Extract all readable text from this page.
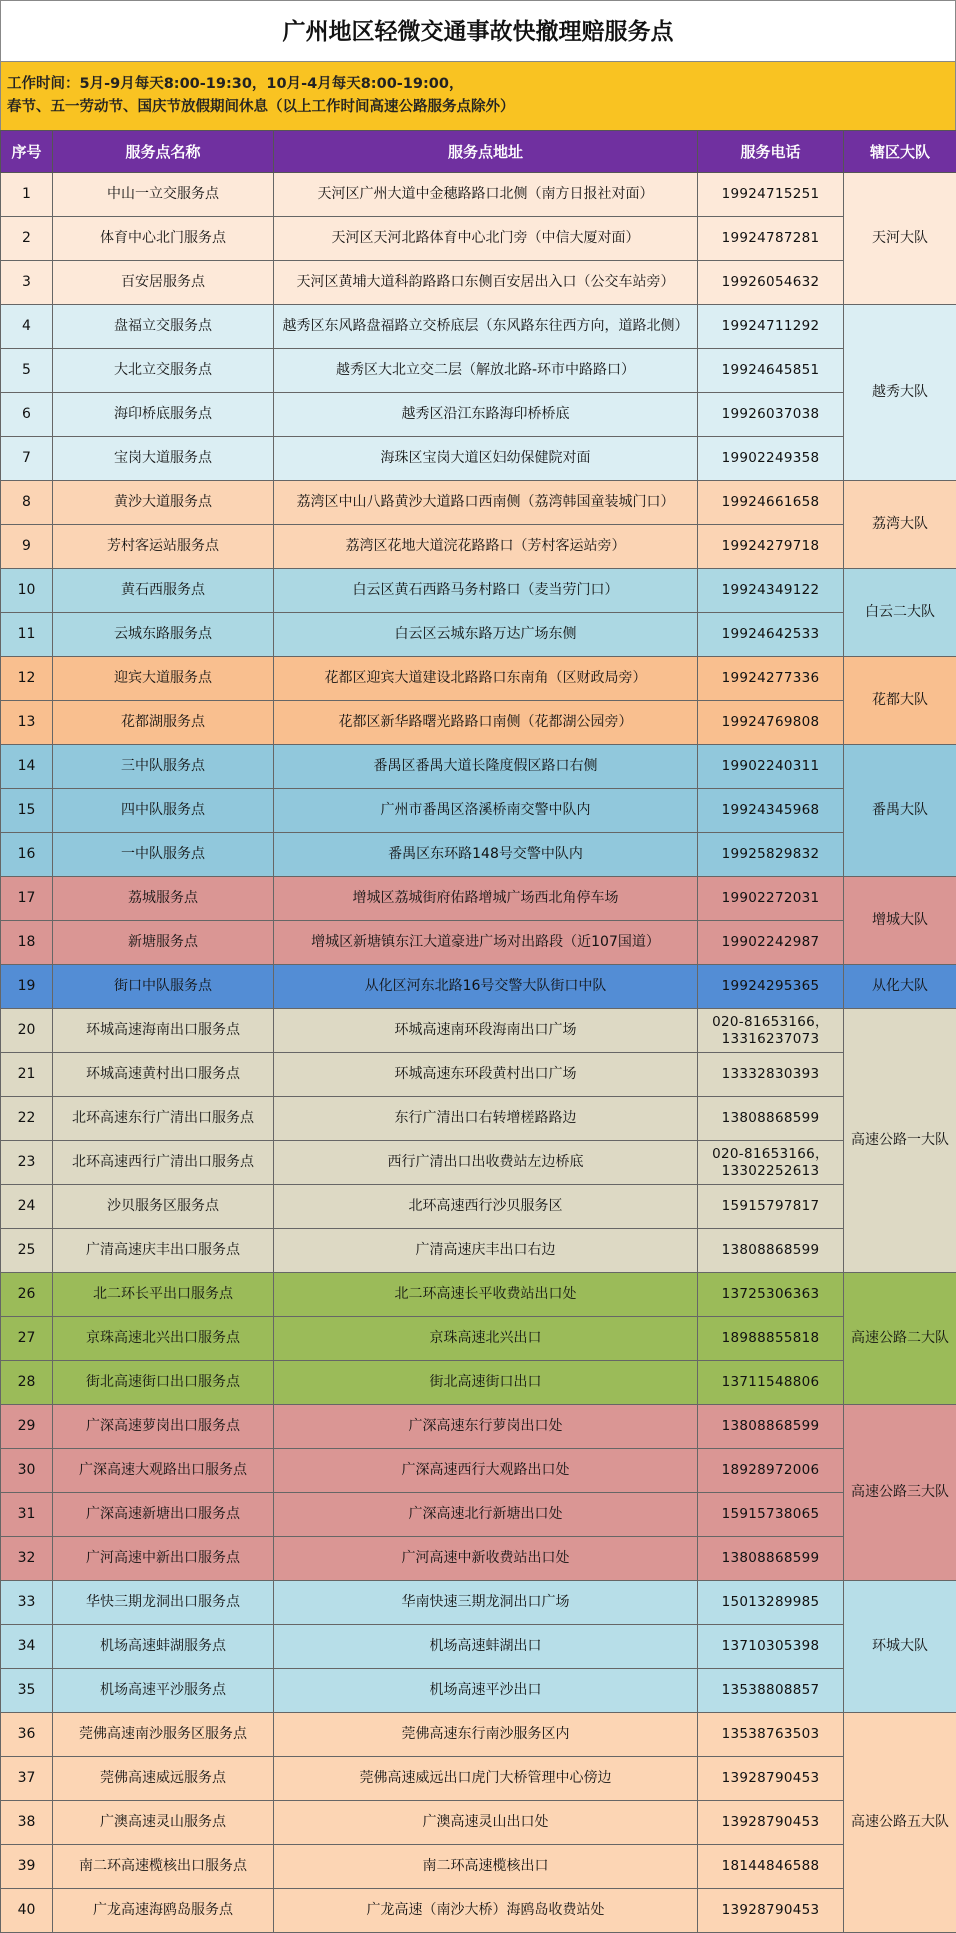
广州地区轻微交通事故快撤理赔服务点
工作时间：5月-9月每天8:00-19:30，10月-4月每天8:00-19:00，
春节、五一劳动节、国庆节放假期间休息（以上工作时间高速公路服务点除外）
序号	服务点名称	服务点地址	服务电话	辖区大队
1	中山一立交服务点	天河区广州大道中金穗路路口北侧（南方日报社对面）	19924715251	天河大队
2	体育中心北门服务点	天河区天河北路体育中心北门旁（中信大厦对面）	19924787281	
3	百安居服务点	天河区黄埔大道科韵路路口东侧百安居出入口（公交车站旁）	19926054632	
4	盘福立交服务点	越秀区东风路盘福路立交桥底层（东风路东往西方向，道路北侧）	19924711292	越秀大队
5	大北立交服务点	越秀区大北立交二层（解放北路-环市中路路口）	19924645851	
6	海印桥底服务点	越秀区沿江东路海印桥桥底	19926037038	
7	宝岗大道服务点	海珠区宝岗大道区妇幼保健院对面	19902249358	
8	黄沙大道服务点	荔湾区中山八路黄沙大道路口西南侧（荔湾韩国童装城门口）	19924661658	荔湾大队
9	芳村客运站服务点	荔湾区花地大道浣花路路口（芳村客运站旁）	19924279718	
10	黄石西服务点	白云区黄石西路马务村路口（麦当劳门口）	19924349122	白云二大队
11	云城东路服务点	白云区云城东路万达广场东侧	19924642533	
12	迎宾大道服务点	花都区迎宾大道建设北路路口东南角（区财政局旁）	19924277336	花都大队
13	花都湖服务点	花都区新华路曙光路路口南侧（花都湖公园旁）	19924769808	
14	三中队服务点	番禺区番禺大道长隆度假区路口右侧	19902240311	番禺大队
15	四中队服务点	广州市番禺区洛溪桥南交警中队内	19924345968	
16	一中队服务点	番禺区东环路148号交警中队内	19925829832	
17	荔城服务点	增城区荔城街府佑路增城广场西北角停车场	19902272031	增城大队
18	新塘服务点	增城区新塘镇东江大道豪进广场对出路段（近107国道）	19902242987	
19	街口中队服务点	从化区河东北路16号交警大队街口中队	19924295365	从化大队
20	环城高速海南出口服务点	环城高速南环段海南出口广场	020-81653166，13316237073	高速公路一大队
21	环城高速黄村出口服务点	环城高速东环段黄村出口广场	13332830393	
22	北环高速东行广清出口服务点	东行广清出口右转增槎路路边	13808868599	
23	北环高速西行广清出口服务点	西行广清出口出收费站左边桥底	020-81653166，13302252613	
24	沙贝服务区服务点	北环高速西行沙贝服务区	15915797817	
25	广清高速庆丰出口服务点	广清高速庆丰出口右边	13808868599	
26	北二环长平出口服务点	北二环高速长平收费站出口处	13725306363	高速公路二大队
27	京珠高速北兴出口服务点	京珠高速北兴出口	18988855818	
28	街北高速街口出口服务点	街北高速街口出口	13711548806	
29	广深高速萝岗出口服务点	广深高速东行萝岗出口处	13808868599	高速公路三大队
30	广深高速大观路出口服务点	广深高速西行大观路出口处	18928972006	
31	广深高速新塘出口服务点	广深高速北行新塘出口处	15915738065	
32	广河高速中新出口服务点	广河高速中新收费站出口处	13808868599	
33	华快三期龙洞出口服务点	华南快速三期龙洞出口广场	15013289985	环城大队
34	机场高速蚌湖服务点	机场高速蚌湖出口	13710305398	
35	机场高速平沙服务点	机场高速平沙出口	13538808857	
36	莞佛高速南沙服务区服务点	莞佛高速东行南沙服务区内	13538763503	高速公路五大队
37	莞佛高速威远服务点	莞佛高速威远出口虎门大桥管理中心傍边	13928790453	
38	广澳高速灵山服务点	广澳高速灵山出口处	13928790453	
39	南二环高速榄核出口服务点	南二环高速榄核出口	18144846588	
40	广龙高速海鸥岛服务点	广龙高速（南沙大桥）海鸥岛收费站处	13928790453	
